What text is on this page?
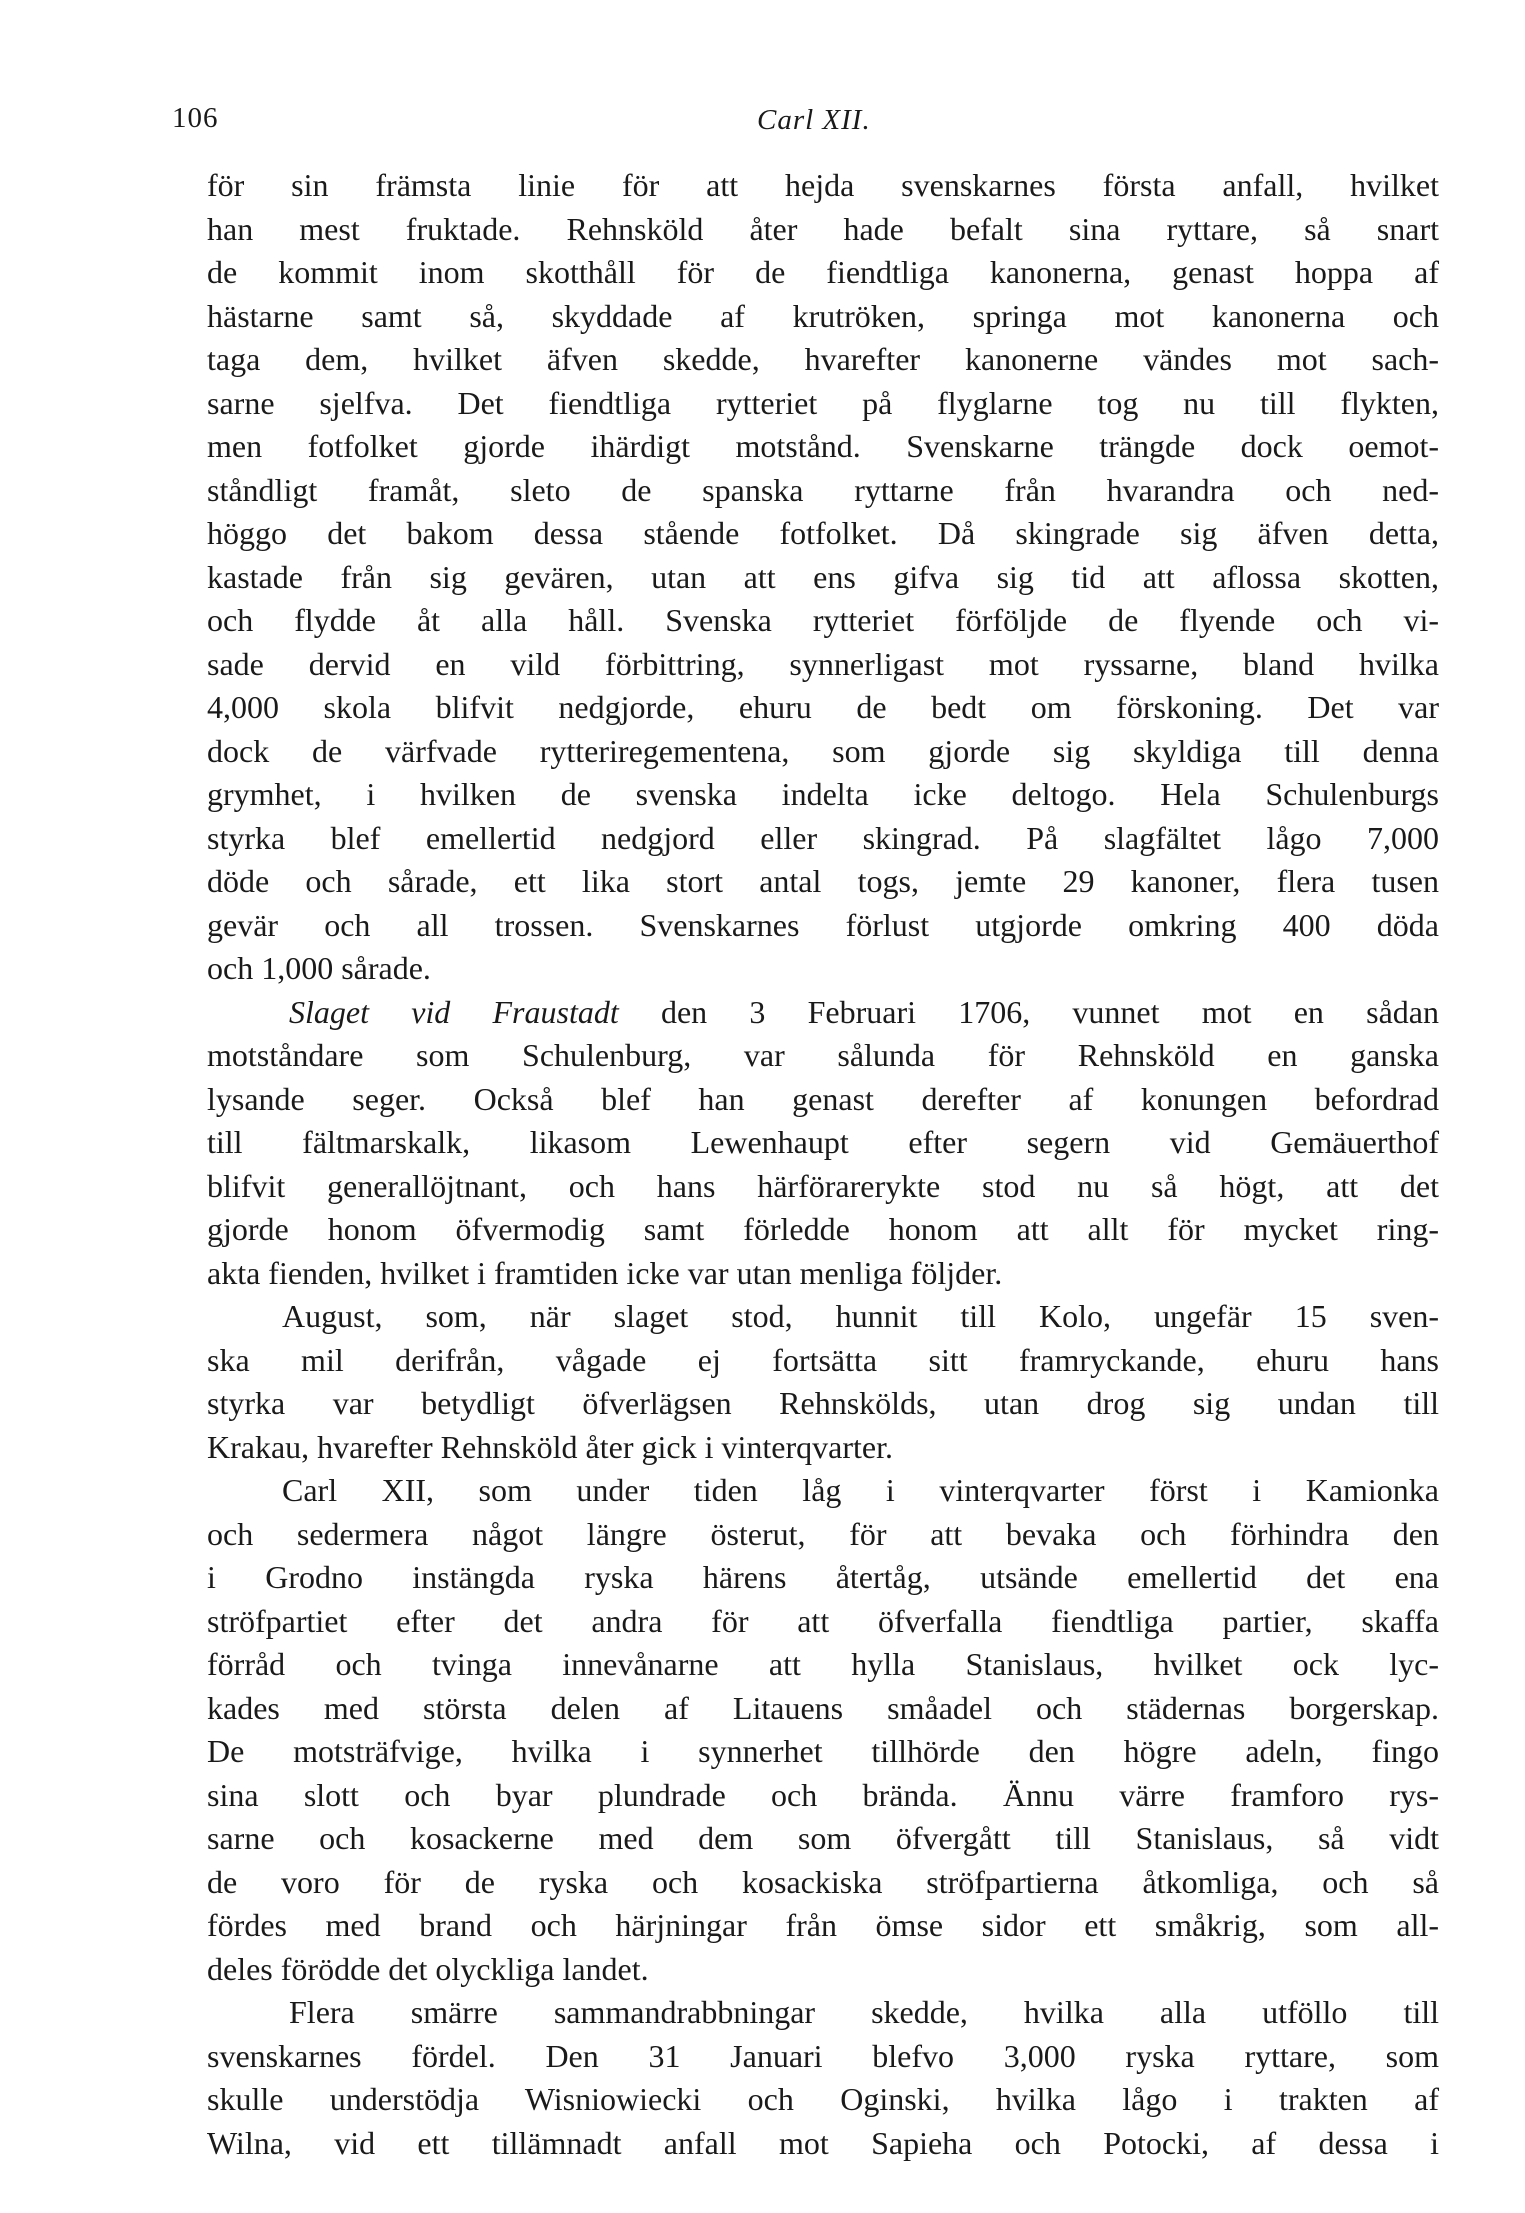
106	Carl XII.
för sin främsta linie för att hejda svenskarnes första anfall, hvilket
han mest fruktade. Rehnsköld åter hade befalt sina ryttare, så snart
de kommit inom skotthåll för de fiendtliga kanonerna, genast hoppa af
hästarne samt så, skyddade af krutröken, springa mot kanonerna och
taga dem, hvilket äfven skedde, hvarefter kanonerne vändes mot sach-
sarne sjelfva. Det fiendtliga rytteriet på flyglarne tog nu till flykten,
men fotfolket gjorde ihärdigt motstånd. Svenskarne trängde dock oemot-
ståndligt framåt, sleto de spanska ryttarne från hvarandra och ned-
höggo det bakom dessa stående fotfolket. Då skingrade sig äfven detta,
kastade från sig gevären, utan att ens gifva sig tid att aflossa skotten,
och flydde åt alla håll. Svenska rytteriet förföljde de flyende och vi-
sade dervid en vild förbittring, synnerligast mot ryssarne, bland hvilka
4,000 skola blifvit nedgjorde, ehuru de bedt om förskoning. Det var
dock de värfvade rytteriregementena, som gjorde sig skyldiga till denna
grymhet, i hvilken de svenska indelta icke deltogo. Hela Schulenburgs
styrka blef emellertid nedgjord eller skingrad. På slagfältet lågo 7,000
döde och sårade, ett lika stort antal togs, jemte 29 kanoner, flera tusen
gevär och all trossen. Svenskarnes förlust utgjorde omkring 400 döda
och 1,000 sårade.
Slaget vid Fraustadt den 3 Februari 1706, vunnet mot en sådan
motståndare som Schulenburg, var sålunda för Rehnsköld en ganska
lysande seger. Också blef han genast derefter af konungen befordrad
till fältmarskalk, likasom Lewenhaupt efter segern vid Gemäuerthof
blifvit generallöjtnant, och hans härförarerykte stod nu så högt, att det
gjorde honom öfvermodig samt förledde honom att allt för mycket ring-
akta fienden, hvilket i framtiden icke var utan menliga följder.
August, som, när slaget stod, hunnit till Kolo, ungefär 15 sven-
ska mil derifrån, vågade ej fortsätta sitt framryckande, ehuru hans
styrka var betydligt öfverlägsen Rehnskölds, utan drog sig undan till
Krakau, hvarefter Rehnsköld åter gick i vinterqvarter.
Carl XII, som under tiden låg i vinterqvarter först i Kamionka
och sedermera något längre österut, för att bevaka och förhindra den
i Grodno instängda ryska härens återtåg, utsände emellertid det ena
ströfpartiet efter det andra för att öfverfalla fiendtliga partier, skaffa
förråd och tvinga innevånarne att hylla Stanislaus, hvilket ock lyc-
kades med största delen af Litauens småadel och städernas borgerskap.
De motsträfvige, hvilka i synnerhet tillhörde den högre adeln, fingo
sina slott och byar plundrade och brända. Ännu värre framforo rys-
sarne och kosackerne med dem som öfvergått till Stanislaus, så vidt
de voro för de ryska och kosackiska ströfpartierna åtkomliga, och så
fördes med brand och härjningar från ömse sidor ett småkrig, som all-
deles förödde det olyckliga landet.
Flera smärre sammandrabbningar skedde, hvilka alla utföllo till
svenskarnes fördel. Den 31 Januari blefvo 3,000 ryska ryttare, som
skulle understödja Wisniowiecki och Oginski, hvilka lågo i trakten af
Wilna, vid ett tillämnadt anfall mot Sapieha och Potocki, af dessa i
